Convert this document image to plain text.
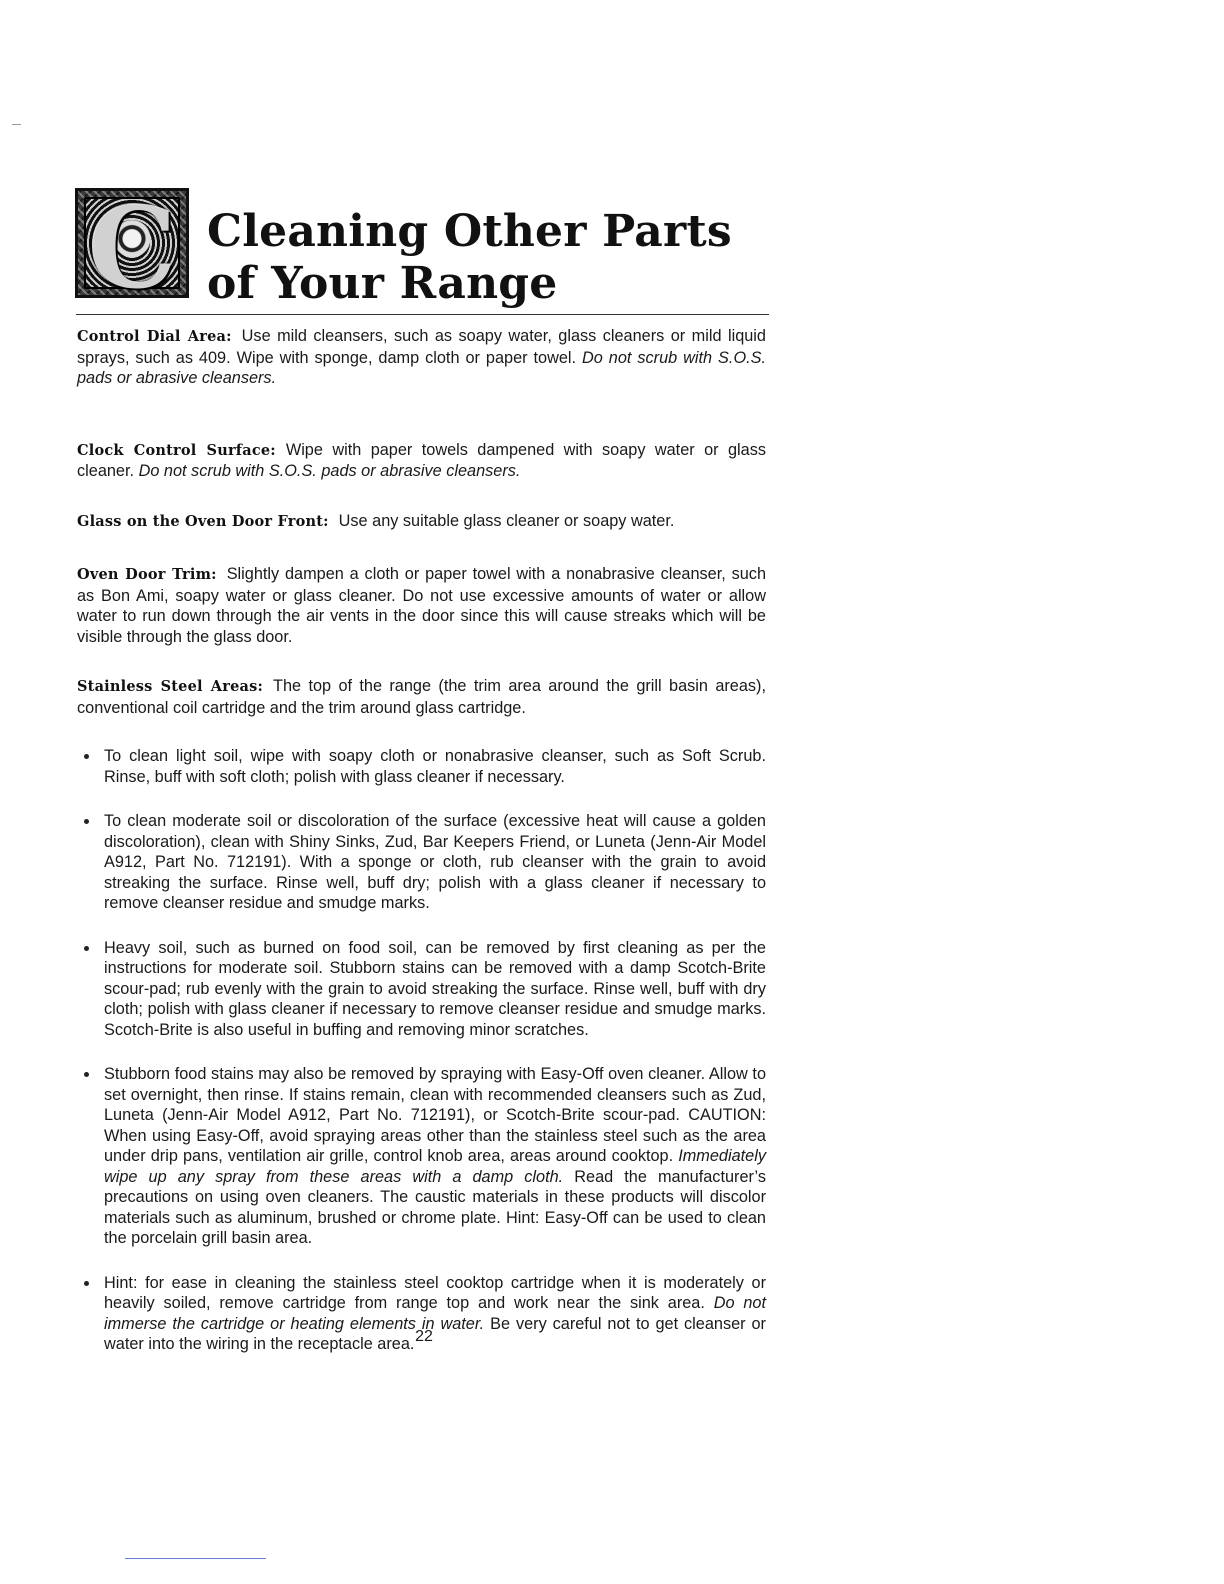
C Cleaning Other Parts
of Your Range

Control Dial Area: Use mild cleansers, such as soapy water, glass cleaners or mild liquid sprays, such as 409. Wipe with sponge, damp cloth or paper towel. Do not scrub with S.O.S. pads or abrasive cleansers.

Clock Control Surface: Wipe with paper towels dampened with soapy water or glass cleaner. Do not scrub with S.O.S. pads or abrasive cleansers.

Glass on the Oven Door Front: Use any suitable glass cleaner or soapy water.

Oven Door Trim: Slightly dampen a cloth or paper towel with a nonabrasive cleanser, such as Bon Ami, soapy water or glass cleaner. Do not use excessive amounts of water or allow water to run down through the air vents in the door since this will cause streaks which will be visible through the glass door.

Stainless Steel Areas: The top of the range (the trim area around the grill basin areas), conventional coil cartridge and the trim around glass cartridge.

To clean light soil, wipe with soapy cloth or nonabrasive cleanser, such as Soft Scrub. Rinse, buff with soft cloth; polish with glass cleaner if necessary.
To clean moderate soil or discoloration of the surface (excessive heat will cause a golden discoloration), clean with Shiny Sinks, Zud, Bar Keepers Friend, or Luneta (Jenn-Air Model A912, Part No. 712191). With a sponge or cloth, rub cleanser with the grain to avoid streaking the surface. Rinse well, buff dry; polish with a glass cleaner if necessary to remove cleanser residue and smudge marks.
Heavy soil, such as burned on food soil, can be removed by first cleaning as per the instructions for moderate soil. Stubborn stains can be removed with a damp Scotch-Brite scour-pad; rub evenly with the grain to avoid streaking the surface. Rinse well, buff with dry cloth; polish with glass cleaner if necessary to remove cleanser residue and smudge marks. Scotch-Brite is also useful in buffing and removing minor scratches.
Stubborn food stains may also be removed by spraying with Easy-Off oven cleaner. Allow to set overnight, then rinse. If stains remain, clean with recommended cleansers such as Zud, Luneta (Jenn-Air Model A912, Part No. 712191), or Scotch-Brite scour-pad. CAUTION: When using Easy-Off, avoid spraying areas other than the stainless steel such as the area under drip pans, ventilation air grille, control knob area, areas around cooktop. Immediately wipe up any spray from these areas with a damp cloth. Read the manufacturer’s precautions on using oven cleaners. The caustic materials in these products will discolor materials such as aluminum, brushed or chrome plate. Hint: Easy-Off can be used to clean the porcelain grill basin area.
Hint: for ease in cleaning the stainless steel cooktop cartridge when it is moderately or heavily soiled, remove cartridge from range top and work near the sink area. Do not immerse the cartridge or heating elements in water. Be very careful not to get cleanser or water into the wiring in the receptacle area. 22
